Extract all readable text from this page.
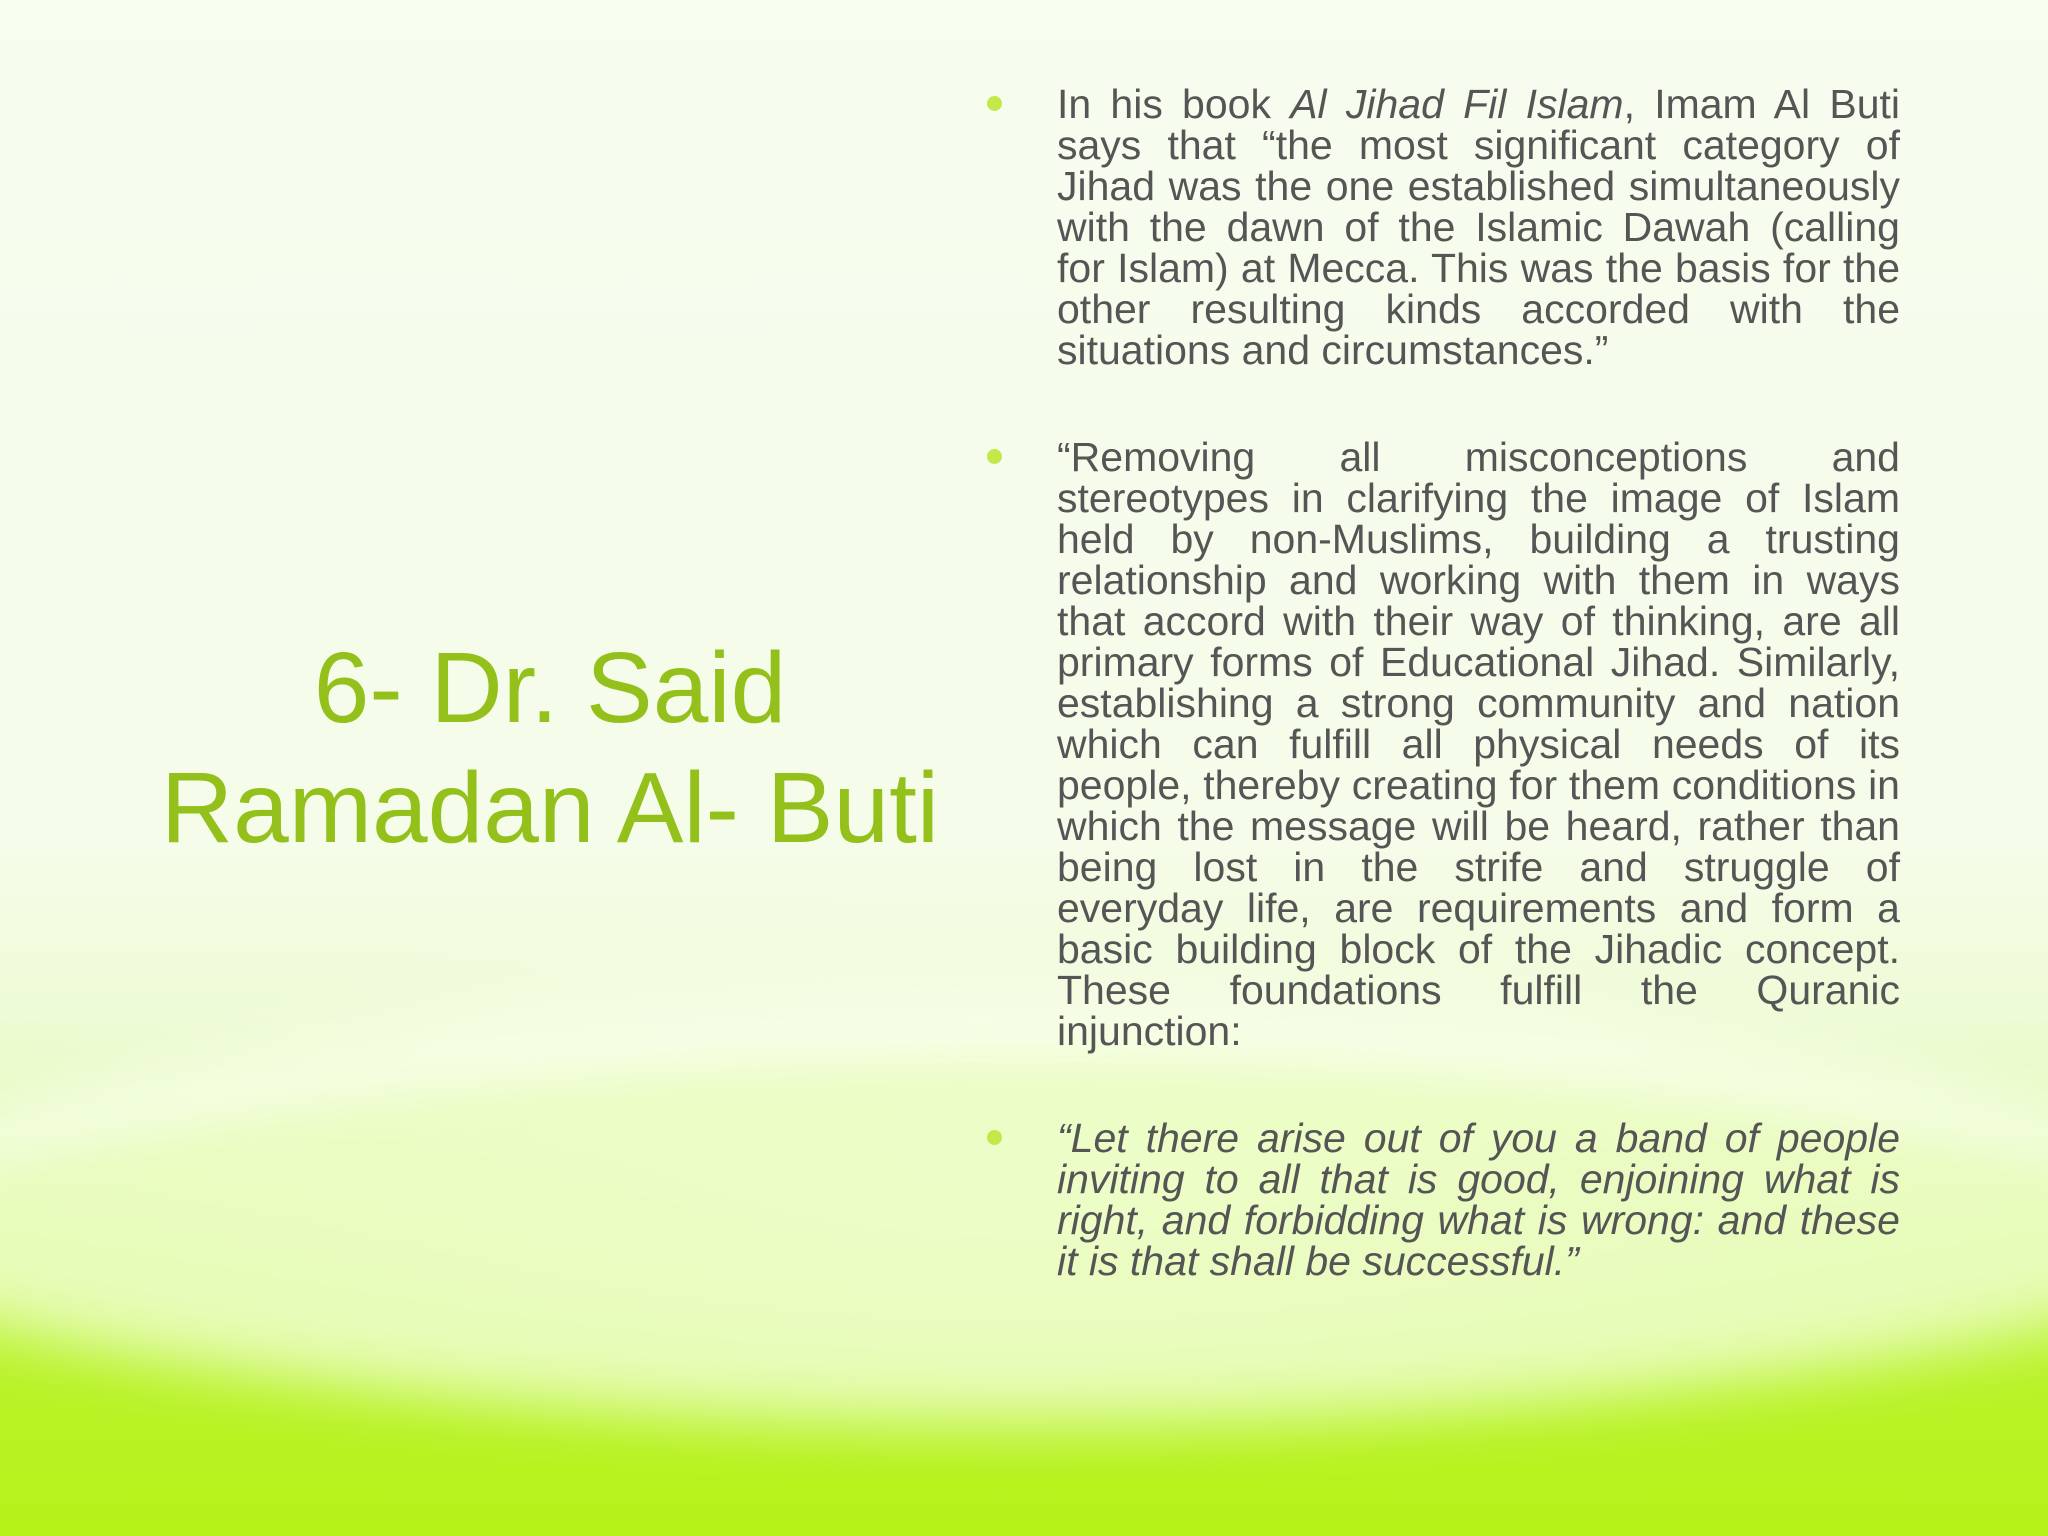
6- Dr. Said
Ramadan Al- Buti
In his book Al Jihad Fil Islam, Imam Al Buti says that “the most significant category of Jihad was the one established simultaneously with the dawn of the Islamic Dawah (calling for Islam) at Mecca. This was the basis for the other resulting kinds accorded with the situations and circumstances.”
“Removing all misconceptions and stereotypes in clarifying the image of Islam held by non-Muslims, building a trusting relationship and working with them in ways that accord with their way of thinking, are all primary forms of Educational Jihad. Similarly, establishing a strong community and nation which can fulfill all physical needs of its people, thereby creating for them conditions in which the message will be heard, rather than being lost in the strife and struggle of everyday life, are requirements and form a basic building block of the Jihadic concept. These foundations fulfill the Quranic injunction:
“Let there arise out of you a band of people inviting to all that is good, enjoining what is right, and forbidding what is wrong: and these it is that shall be successful.”
